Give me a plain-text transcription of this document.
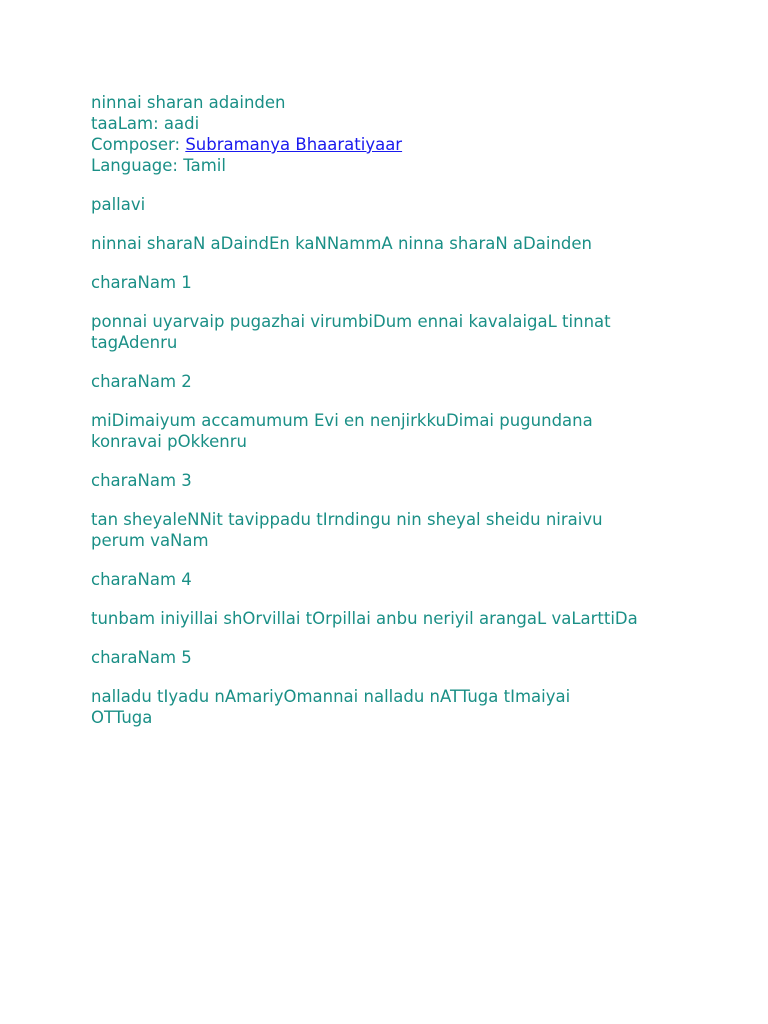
ninnai sharan adainden
taaLam: aadi
Composer: Subramanya Bhaaratiyaar
Language: Tamil
pallavi
ninnai sharaN aDaindEn kaNNammA ninna sharaN aDainden
charaNam 1
ponnai uyarvaip pugazhai virumbiDum ennai kavalaigaL tinnat
tagAdenru
charaNam 2
miDimaiyum accamumum Evi en nenjirkkuDimai pugundana
konravai pOkkenru
charaNam 3
tan sheyaleNNit tavippadu tIrndingu nin sheyal sheidu niraivu
perum vaNam
charaNam 4
tunbam iniyillai shOrvillai tOrpillai anbu neriyil arangaL vaLarttiDa
charaNam 5
nalladu tIyadu nAmariyOmannai nalladu nATTuga tImaiyai
OTTuga
